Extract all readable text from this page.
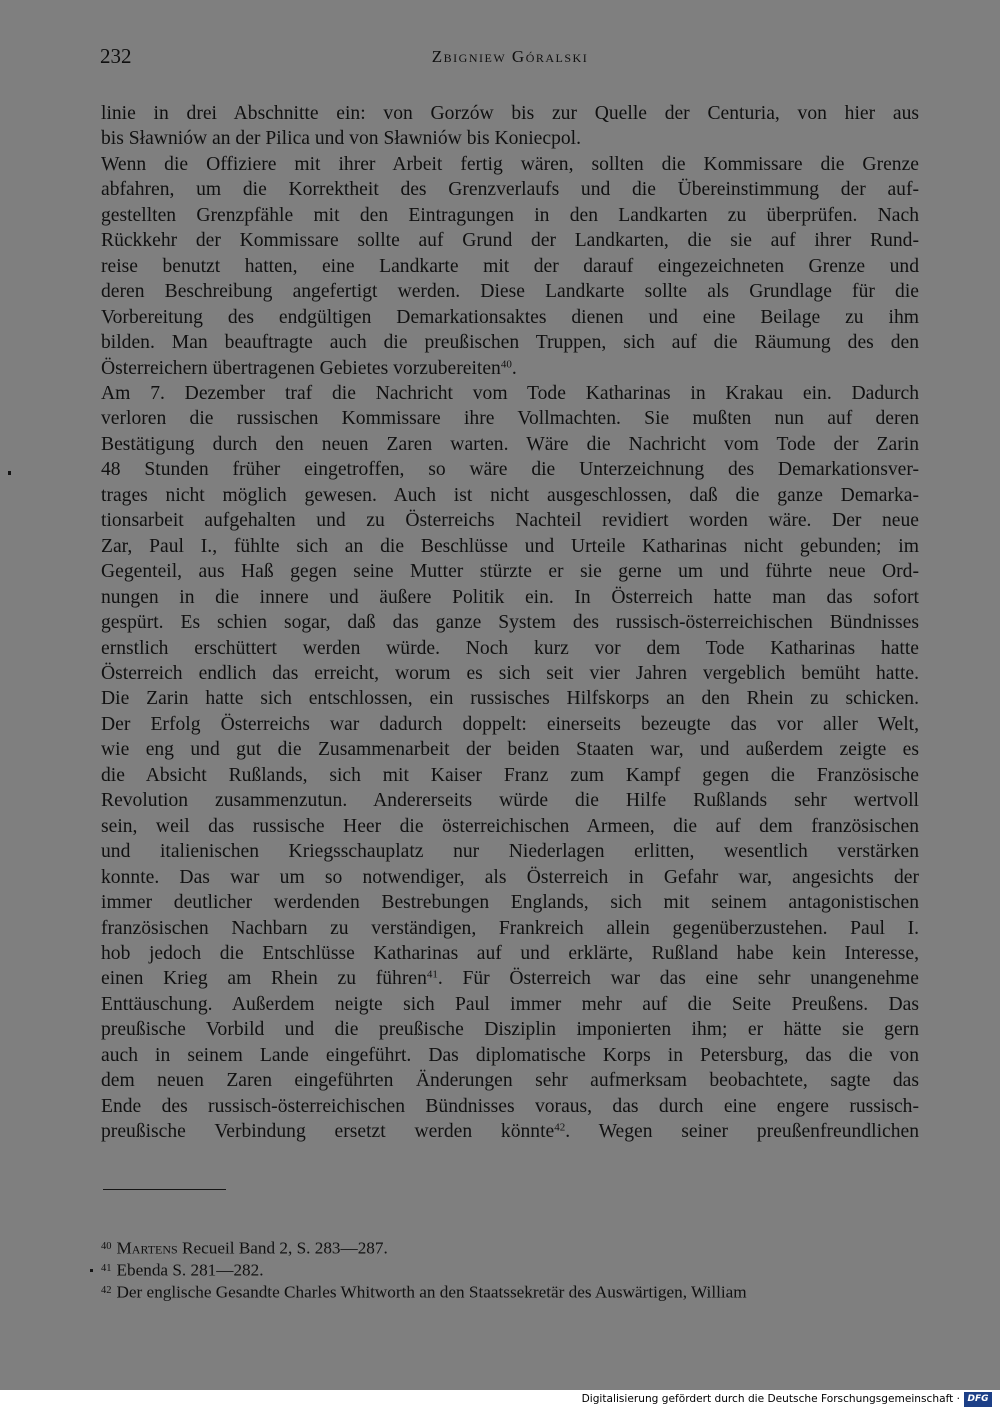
232	Zbigniew Góralski
linie in drei Abschnitte ein: von Gorzów bis zur Quelle der Centuria, von hier aus
bis Sławniów an der Pilica und von Sławniów bis Koniecpol.
Wenn die Offiziere mit ihrer Arbeit fertig wären, sollten die Kommissare die Grenze
abfahren, um die Korrektheit des Grenzverlaufs und die Übereinstimmung der auf-
gestellten Grenzpfähle mit den Eintragungen in den Landkarten zu überprüfen. Nach
Rückkehr der Kommissare sollte auf Grund der Landkarten, die sie auf ihrer Rund-
reise benutzt hatten, eine Landkarte mit der darauf eingezeichneten Grenze und
deren Beschreibung angefertigt werden. Diese Landkarte sollte als Grundlage für die
Vorbereitung des endgültigen Demarkationsaktes dienen und eine Beilage zu ihm
bilden. Man beauftragte auch die preußischen Truppen, sich auf die Räumung des den
Österreichern übertragenen Gebietes vorzubereiten$^{40}$.
Am 7. Dezember traf die Nachricht vom Tode Katharinas in Krakau ein. Dadurch
verloren die russischen Kommissare ihre Vollmachten. Sie mußten nun auf deren
Bestätigung durch den neuen Zaren warten. Wäre die Nachricht vom Tode der Zarin
48 Stunden früher eingetroffen, so wäre die Unterzeichnung des Demarkationsver-
trages nicht möglich gewesen. Auch ist nicht ausgeschlossen, daß die ganze Demarka-
tionsarbeit aufgehalten und zu Österreichs Nachteil revidiert worden wäre. Der neue
Zar, Paul I., fühlte sich an die Beschlüsse und Urteile Katharinas nicht gebunden; im
Gegenteil, aus Haß gegen seine Mutter stürzte er sie gerne um und führte neue Ord-
nungen in die innere und äußere Politik ein. In Österreich hatte man das sofort
gespürt. Es schien sogar, daß das ganze System des russisch-österreichischen Bündnisses
ernstlich erschüttert werden würde. Noch kurz vor dem Tode Katharinas hatte
Österreich endlich das erreicht, worum es sich seit vier Jahren vergeblich bemüht hatte.
Die Zarin hatte sich entschlossen, ein russisches Hilfskorps an den Rhein zu schicken.
Der Erfolg Österreichs war dadurch doppelt: einerseits bezeugte das vor aller Welt,
wie eng und gut die Zusammenarbeit der beiden Staaten war, und außerdem zeigte es
die Absicht Rußlands, sich mit Kaiser Franz zum Kampf gegen die Französische
Revolution zusammenzutun. Andererseits würde die Hilfe Rußlands sehr wertvoll
sein, weil das russische Heer die österreichischen Armeen, die auf dem französischen
und italienischen Kriegsschauplatz nur Niederlagen erlitten, wesentlich verstärken
konnte. Das war um so notwendiger, als Österreich in Gefahr war, angesichts der
immer deutlicher werdenden Bestrebungen Englands, sich mit seinem antagonistischen
französischen Nachbarn zu verständigen, Frankreich allein gegenüberzustehen. Paul I.
hob jedoch die Entschlüsse Katharinas auf und erklärte, Rußland habe kein Interesse,
einen Krieg am Rhein zu führen$^{41}$. Für Österreich war das eine sehr unangenehme
Enttäuschung. Außerdem neigte sich Paul immer mehr auf die Seite Preußens. Das
preußische Vorbild und die preußische Disziplin imponierten ihm; er hätte sie gern
auch in seinem Lande eingeführt. Das diplomatische Korps in Petersburg, das die von
dem neuen Zaren eingeführten Änderungen sehr aufmerksam beobachtete, sagte das
Ende des russisch-österreichischen Bündnisses voraus, das durch eine engere russisch-
preußische Verbindung ersetzt werden könnte$^{42}$. Wegen seiner preußenfreundlichen
$^{40}$ Martens Recueil Band 2, S. 283—287.
$^{41}$ Ebenda S. 281—282.
$^{42}$ Der englische Gesandte Charles Whitworth an den Staatssekretär des Auswärtigen, William
Digitalisierung gefördert durch die Deutsche Forschungsgemeinschaft · DFG
